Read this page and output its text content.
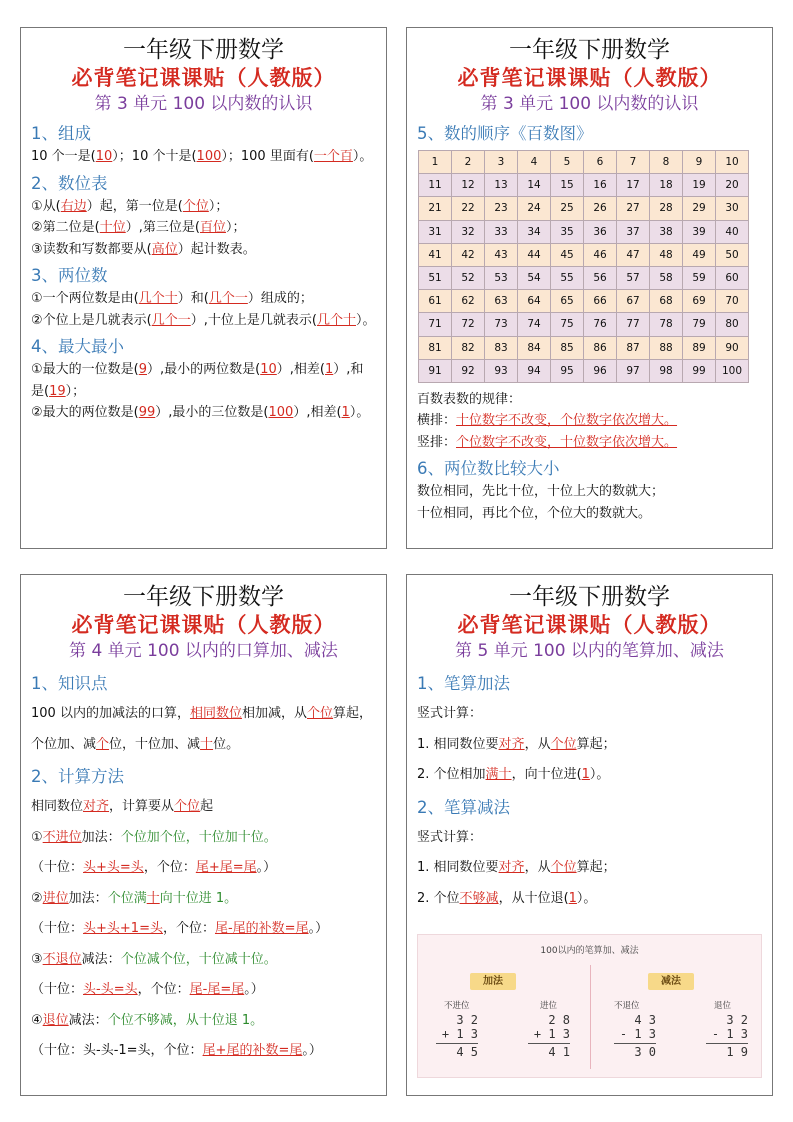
一年级下册数学
必背笔记课课贴（人教版）
第 3 单元 100 以内数的认识
1、组成
10 个一是(10）；10 个十是(100）；100 里面有(一个百）。
2、数位表
①从(右边）起，第一位是(个位）；
②第二位是(十位）,第三位是(百位）；
③读数和写数都要从(高位）起计数表。
3、两位数
①一个两位数是由(几个十）和(几个一）组成的；
②个位上是几就表示(几个一）,十位上是几就表示(几个十）。
4、最大最小
①最大的一位数是(9）,最小的两位数是(10）,相差(1）,和是(19）；
②最大的两位数是(99）,最小的三位数是(100）,相差(1）。
一年级下册数学
必背笔记课课贴（人教版）
第 3 单元 100 以内数的认识
5、数的顺序《百数图》
1	2	3	4	5	6	7	8	9	10
11	12	13	14	15	16	17	18	19	20
21	22	23	24	25	26	27	28	29	30
31	32	33	34	35	36	37	38	39	40
41	42	43	44	45	46	47	48	49	50
51	52	53	54	55	56	57	58	59	60
61	62	63	64	65	66	67	68	69	70
71	72	73	74	75	76	77	78	79	80
81	82	83	84	85	86	87	88	89	90
91	92	93	94	95	96	97	98	99	100
百数表数的规律：
横排：十位数字不改变，个位数字依次增大。
竖排：个位数字不改变，十位数字依次增大。
6、两位数比较大小
数位相同，先比十位，十位上大的数就大；
十位相同，再比个位，个位大的数就大。
一年级下册数学
必背笔记课课贴（人教版）
第 4 单元 100 以内的口算加、减法
1、知识点
100 以内的加减法的口算，相同数位相加减，从个位算起，个位加、减个位，十位加、减十位。
2、计算方法
相同数位对齐，计算要从个位起
①不进位加法：个位加个位，十位加十位。
（十位：头+头=头，个位：尾+尾=尾。）
②进位加法：个位满十向十位进 1。
（十位：头+头+1=头，个位：尾-尾的补数=尾。）
③不退位减法：个位减个位，十位减十位。
（十位：头-头=头，个位：尾-尾=尾。）
④退位减法：个位不够减，从十位退 1。
（十位：头-头-1=头，个位：尾+尾的补数=尾。）
一年级下册数学
必背笔记课课贴（人教版）
第 5 单元 100 以内的笔算加、减法
1、笔算加法
竖式计算：
1. 相同数位要对齐，从个位算起；
2. 个位相加满十，向十位进(1）。
2、笔算减法
竖式计算：
1. 相同数位要对齐，从个位算起；
2. 个位不够减，从十位退(1）。
100以内的笔算加、减法
加法	减法
不进位	进位	不退位	退位
3 2
+ 1 3
4 5
2 8
+ 1 3
4 1
4 3
- 1 3
3 0
3 2
- 1 3
1 9
